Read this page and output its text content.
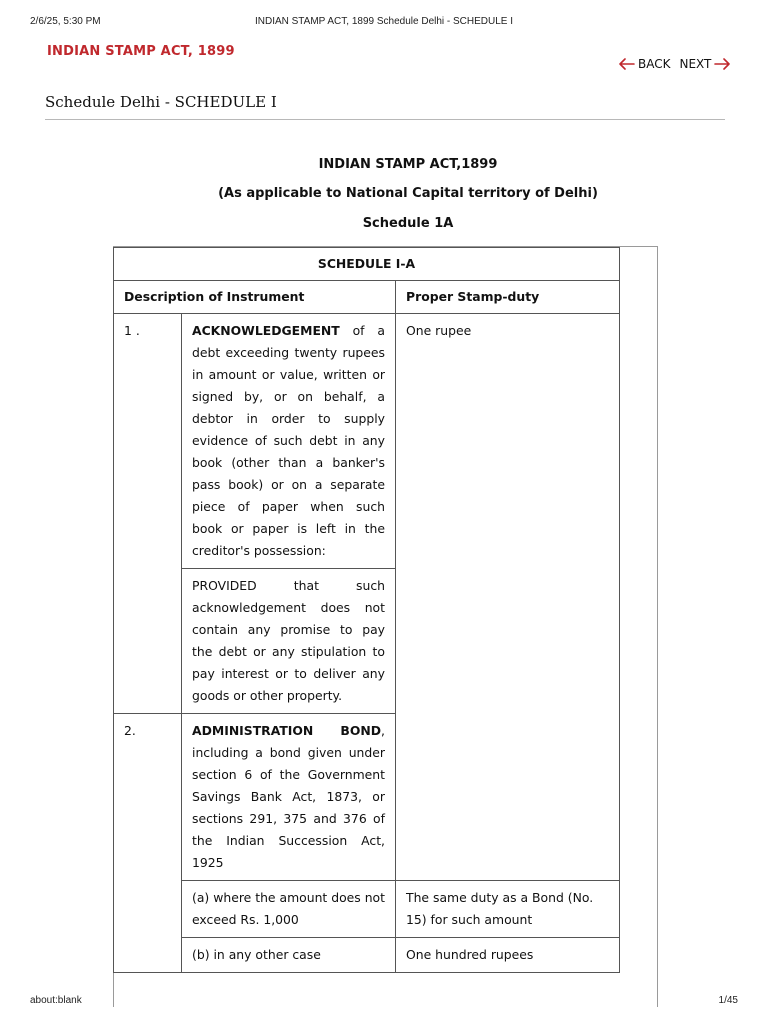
2/6/25, 5:30 PM	INDIAN STAMP ACT, 1899 Schedule Delhi - SCHEDULE I
INDIAN STAMP ACT, 1899
BACK NEXT
Schedule Delhi - SCHEDULE I
INDIAN STAMP ACT,1899
(As applicable to National Capital territory of Delhi)
Schedule 1A
SCHEDULE I-A		
Description of Instrument		Proper Stamp-duty
1 .	ACKNOWLEDGEMENT of a debt exceeding twenty rupees in amount or value, written or signed by, or on behalf, a debtor in order to supply evidence of such debt in any book (other than a banker's pass book) or on a separate piece of paper when such book or paper is left in the creditor's possession:	One rupee
	PROVIDED that such acknowledgement does not contain any promise to pay the debt or any stipulation to pay interest or to deliver any goods or other property.	
2.	ADMINISTRATION BOND, including a bond given under section 6 of the Government Savings Bank Act, 1873, or sections 291, 375 and 376 of the Indian Succession Act, 1925	
	(a) where the amount does not exceed Rs. 1,000	The same duty as a Bond (No. 15) for such amount
	(b) in any other case	One hundred rupees
about:blank	1/45
